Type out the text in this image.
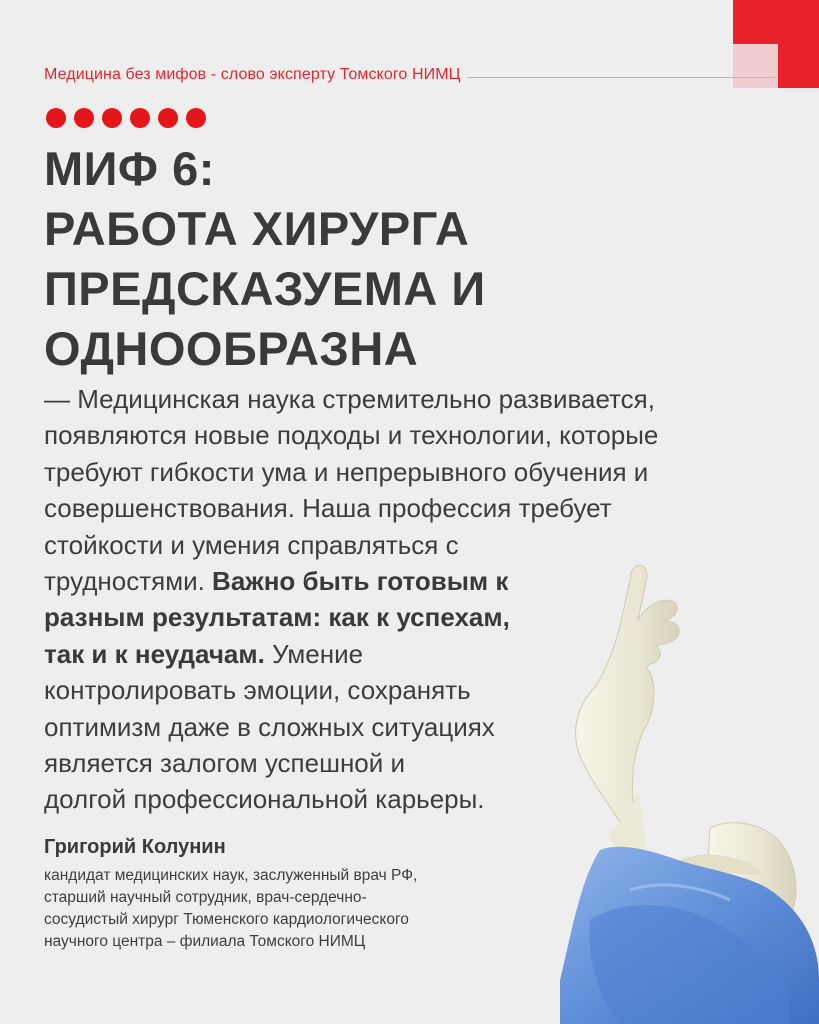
Медицина без мифов - слово эксперту Томского НИМЦ
МИФ 6:
РАБОТА ХИРУРГА
ПРЕДСКАЗУЕМА И
ОДНООБРАЗНА
— Медицинская наука стремительно развивается,
появляются новые подходы и технологии, которые
требуют гибкости ума и непрерывного обучения и
совершенствования. Наша профессия требует
стойкости и умения справляться с
трудностями. Важно быть готовым к
разным результатам: как к успехам,
так и к неудачам. Умение
контролировать эмоции, сохранять
оптимизм даже в сложных ситуациях
является залогом успешной и
долгой профессиональной карьеры.
Григорий Колунин
кандидат медицинских наук, заслуженный врач РФ,
старший научный сотрудник, врач-сердечно-
сосудистый хирург Тюменского кардиологического
научного центра – филиала Томского НИМЦ
